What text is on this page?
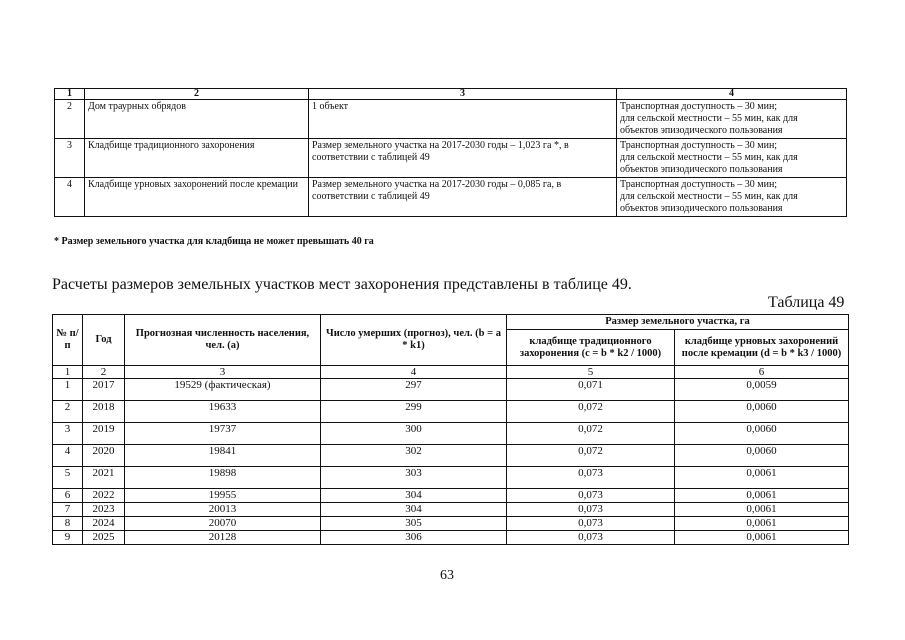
1	2	3	4
2	Дом траурных обрядов	1 объект	Транспортная доступность – 30 мин;
для сельской местности – 55 мин, как для
объектов эпизодического пользования

3	Кладбище традиционного захоронения	Размер земельного участка на 2017-2030 годы – 1,023 га *, в соответствии с таблицей 49	Транспортная доступность – 30 мин;
для сельской местности – 55 мин, как для
объектов эпизодического пользования

4	Кладбище урновых захоронений после кремации	Размер земельного участка на 2017-2030 годы – 0,085 га, в соответствии с таблицей 49	Транспортная доступность – 30 мин;
для сельской местности – 55 мин, как для
объектов эпизодического пользования
* Размер земельного участка для кладбища не может превышать 40 га
Расчеты размеров земельных участков мест захоронения представлены в таблице 49.
Таблица 49
№ п/п	Год	Прогнозная численность населения, чел. (а)	Число умерших (прогноз), чел. (b = a * k1)	Размер земельного участка, га	
				кладбище традиционного захоронения (с = b * k2 / 1000)	кладбище урновых захоронений после кремации (d = b * k3 / 1000)
1	2	3	4	5	6
1	2017	19529 (фактическая)	297	0,071	0,0059
2	2018	19633	299	0,072	0,0060
3	2019	19737	300	0,072	0,0060
4	2020	19841	302	0,072	0,0060
5	2021	19898	303	0,073	0,0061
6	2022	19955	304	0,073	0,0061
7	2023	20013	304	0,073	0,0061
8	2024	20070	305	0,073	0,0061
9	2025	20128	306	0,073	0,0061
63
